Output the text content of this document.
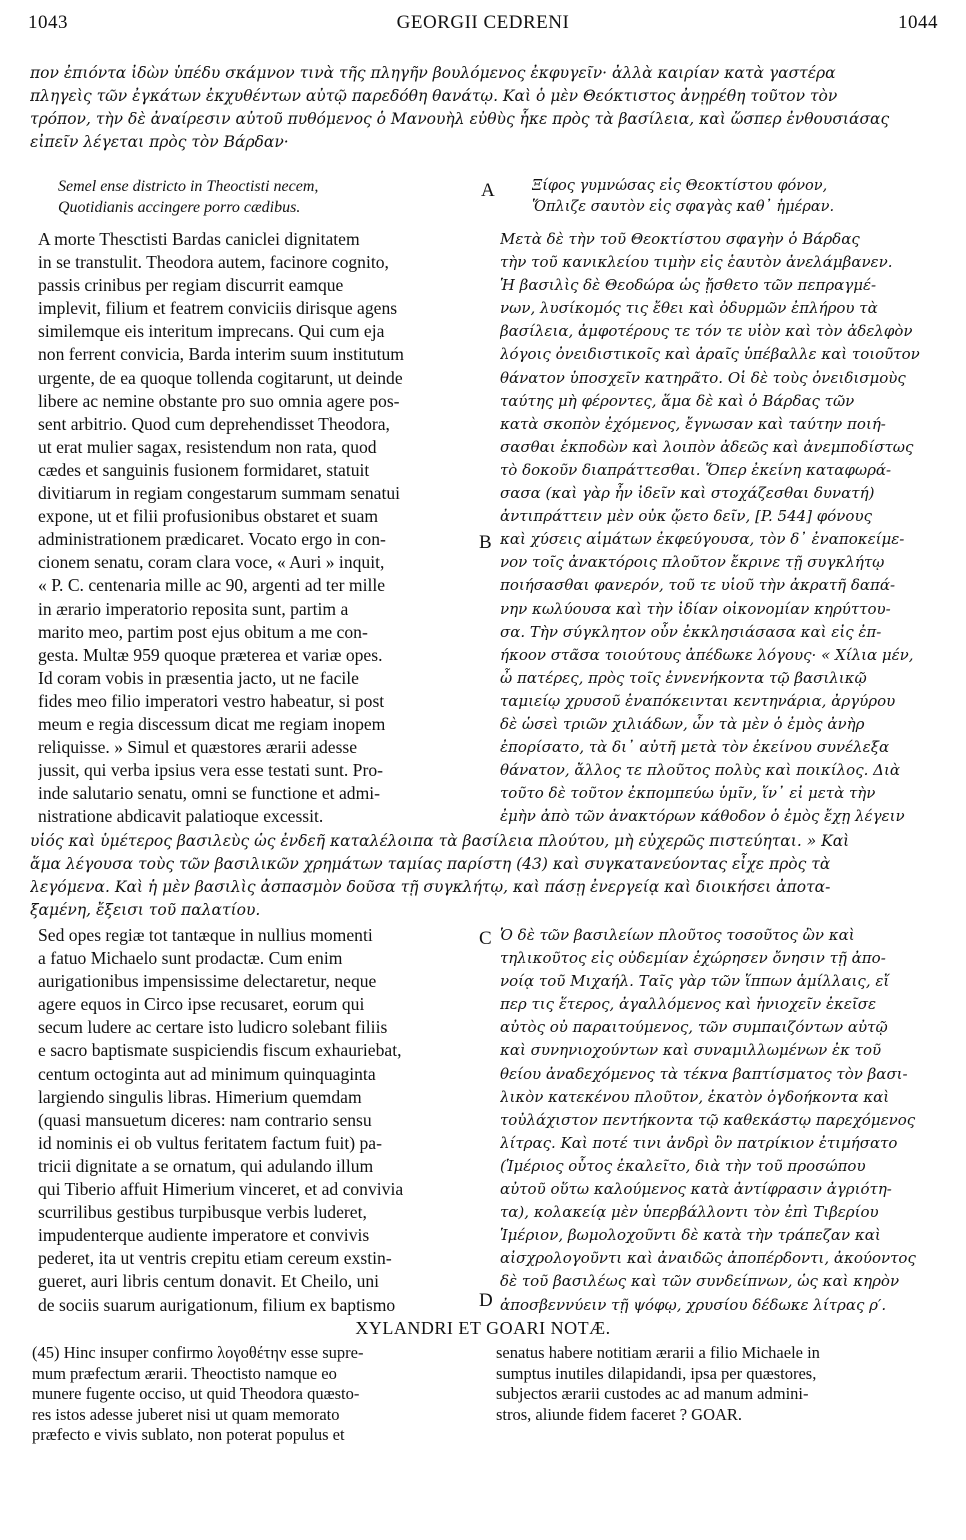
1043	GEORGII CEDRENI	1044
πον ἐπιόντα ἰδὼν ὑπέδυ σκάμνον τινὰ τῆς πληγῆν βουλόμενος ἐκφυγεῖν· ἀλλὰ καιρίαν κατὰ γαστέρα
πληγεὶς τῶν ἐγκάτων ἐκχυθέντων αὐτῷ παρεδόθη θανάτῳ. Καὶ ὁ μὲν Θεόκτιστος ἀνῃρέθη τοῦτον τὸν
τρόπον, τὴν δὲ ἀναίρεσιν αὐτοῦ πυθόμενος ὁ Μανουὴλ εὐθὺς ἧκε πρὸς τὰ βασίλεια, καὶ ὥσπερ ἐνθουσιάσας
εἰπεῖν λέγεται πρὸς τὸν Βάρδαν·
Semel ense districto in Theoctisti necem,
Quotidianis accingere porro cædibus.
A	Ξίφος γυμνώσας εἰς Θεοκτίστου φόνον,
Ὅπλιζε σαυτὸν εἰς σφαγὰς καθ᾽ ἡμέραν.
A morte Thesctisti Bardas caniclei dignitatem
in se transtulit. Theodora autem, facinore cognito,
passis crinibus per regiam discurrit eamque
implevit, filium et featrem conviciis dirisque agens
similemque eis interitum imprecans. Qui cum eja
non ferrent convicia, Barda interim suum institutum
urgente, de ea quoque tollenda cogitarunt, ut deinde
libere ac nemine obstante pro suo omnia agere pos-
sent arbitrio. Quod cum deprehendisset Theodora,
ut erat mulier sagax, resistendum non rata, quod
cædes et sanguinis fusionem formidaret, statuit
divitiarum in regiam congestarum summam senatui
expone, ut et filii profusionibus obstaret et suam
administrationem prædicaret. Vocato ergo in con-
cionem senatu, coram clara voce, « Auri » inquit,
« P. C. centenaria mille ac 90, argenti ad ter mille
in ærario imperatorio reposita sunt, partim a
marito meo, partim post ejus obitum a me con-
gesta. Multæ 959 quoque præterea et variæ opes.
Id coram vobis in præsentia jacto, ut ne facile
fides meo filio imperatori vestro habeatur, si post
meum e regia discessum dicat me regiam inopem
reliquisse. » Simul et quæstores ærarii adesse
jussit, qui verba ipsius vera esse testati sunt. Pro-
inde salutario senatu, omni se functione et admi-
nistratione abdicavit palatioque excessit.
B
Μετὰ δὲ τὴν τοῦ Θεοκτίστου σφαγὴν ὁ Βάρδας
τὴν τοῦ κανικλείου τιμὴν εἰς ἑαυτὸν ἀνελάμβανεν.
Ἡ βασιλὶς δὲ Θεοδώρα ὡς ᾔσθετο τῶν πεπραγμέ-
νων, λυσίκομός τις ἔθει καὶ ὀδυρμῶν ἐπλήρου τὰ
βασίλεια, ἀμφοτέρους τε τόν τε υἱὸν καὶ τὸν ἀδελφὸν
λόγοις ὀνειδιστικοῖς καὶ ἀραῖς ὑπέβαλλε καὶ τοιοῦτον
θάνατον ὑποσχεῖν κατηρᾶτο. Οἱ δὲ τοὺς ὀνειδισμοὺς
ταύτης μὴ φέροντες, ἅμα δὲ καὶ ὁ Βάρδας τῶν
κατὰ σκοπὸν ἐχόμενος, ἔγνωσαν καὶ ταύτην ποιή-
σασθαι ἐκποδὼν καὶ λοιπὸν ἀδεῶς καὶ ἀνεμποδίστως
τὸ δοκοῦν διαπράττεσθαι. Ὅπερ ἐκείνη καταφωρά-
σασα (καὶ γὰρ ἦν ἰδεῖν καὶ στοχάζεσθαι δυνατή)
ἀντιπράττειν μὲν οὐκ ᾤετο δεῖν, [P. 544] φόνους
καὶ χύσεις αἱμάτων ἐκφεύγουσα, τὸν δ᾽ ἐναποκείμε-
νον τοῖς ἀνακτόροις πλοῦτον ἔκρινε τῇ συγκλήτῳ
ποιήσασθαι φανερόν, τοῦ τε υἱοῦ τὴν ἀκρατῆ δαπά-
νην κωλύουσα καὶ τὴν ἰδίαν οἰκονομίαν κηρύττου-
σα. Τὴν σύγκλητον οὖν ἐκκλησιάσασα καὶ εἰς ἐπ-
ήκοον στᾶσα τοιούτους ἀπέδωκε λόγους· « Χίλια μέν,
ὦ πατέρες, πρὸς τοῖς ἐννενήκοντα τῷ βασιλικῷ
ταμιείῳ χρυσοῦ ἐναπόκεινται κεντηνάρια, ἀργύρου
δὲ ὡσεὶ τριῶν χιλιάδων, ὧν τὰ μὲν ὁ ἐμὸς ἀνὴρ
ἐπορίσατο, τὰ δι᾽ αὐτῆ μετὰ τὸν ἐκείνου συνέλεξα
θάνατον, ἄλλος τε πλοῦτος πολὺς καὶ ποικίλος. Διὰ
τοῦτο δὲ τοῦτον ἐκπομπεύω ὑμῖν, ἵν᾽ εἰ μετὰ τὴν
ἐμὴν ἀπὸ τῶν ἀνακτόρων κάθοδον ὁ ἐμὸς ἔχῃ λέγειν
υἱός καὶ ὑμέτερος βασιλεὺς ὡς ἐνδεῆ καταλέλοιπα τὰ βασίλεια πλούτου, μὴ εὐχερῶς πιστεύηται. » Καὶ
ἅμα λέγουσα τοὺς τῶν βασιλικῶν χρημάτων ταμίας παρίστη (43) καὶ συγκατανεύοντας εἶχε πρὸς τὰ
λεγόμενα. Καὶ ἡ μὲν βασιλὶς ἀσπασμὸν δοῦσα τῇ συγκλήτῳ, καὶ πάσῃ ἐνεργείᾳ καὶ διοικήσει ἀποτα-
ξαμένη, ἔξεισι τοῦ παλατίου.
C
Sed opes regiæ tot tantæque in nullius momenti
a fatuo Michaelo sunt prodactæ. Cum enim
aurigationibus impensissime delectaretur, neque
agere equos in Circo ipse recusaret, eorum qui
secum ludere ac certare isto ludicro solebant filiis
e sacro baptismate suspiciendis fiscum exhauriebat,
centum octoginta aut ad minimum quinquaginta
largiendo singulis libras. Himerium quemdam
(quasi mansuetum diceres: nam contrario sensu
id nominis ei ob vultus feritatem factum fuit) pa-
tricii dignitate a se ornatum, qui adulando illum
qui Tiberio affuit Himerium vinceret, et ad convivia
scurrilibus gestibus turpibusque verbis luderet,
impudenterque audiente imperatore et convivis
pederet, ita ut ventris crepitu etiam cereum exstin-
gueret, auri libris centum donavit. Et Cheilo, uni
de sociis suarum aurigationum, filium ex baptismo
Ὁ δὲ τῶν βασιλείων πλοῦτος τοσοῦτος ὢν καὶ
τηλικοῦτος εἰς οὐδεμίαν ἐχώρησεν ὄνησιν τῇ ἀπο-
νοίᾳ τοῦ Μιχαήλ. Ταῖς γὰρ τῶν ἵππων ἁμίλλαις, εἴ
περ τις ἕτερος, ἀγαλλόμενος καὶ ἡνιοχεῖν ἐκεῖσε
αὐτὸς οὐ παραιτούμενος, τῶν συμπαιζόντων αὐτῷ
καὶ συνηνιοχούντων καὶ συναμιλλωμένων ἐκ τοῦ
θείου ἀναδεχόμενος τὰ τέκνα βαπτίσματος τὸν βασι-
λικὸν κατεκένου πλοῦτον, ἑκατὸν ὀγδοήκοντα καὶ
τοὐλάχιστον πεντήκοντα τῷ καθεκάστῳ παρεχόμενος
λίτρας. Καὶ ποτέ τινι ἀνδρὶ ὃν πατρίκιον ἐτιμήσατο
(Ἱμέριος οὗτος ἐκαλεῖτο, διὰ τὴν τοῦ προσώπου
αὐτοῦ οὕτω καλούμενος κατὰ ἀντίφρασιν ἀγριότη-
τα), κολακείᾳ μὲν ὑπερβάλλοντι τὸν ἐπὶ Τιβερίου
Ἱμέριον, βωμολοχοῦντι δὲ κατὰ τὴν τράπεζαν καὶ
αἰσχρολογοῦντι καὶ ἀναιδῶς ἀποπέρδοντι, ἀκούοντος
δὲ τοῦ βασιλέως καὶ τῶν συνδείπνων, ὡς καὶ κηρὸν
ἀποσβεννύειν τῇ ψόφῳ, χρυσίου δέδωκε λίτρας ρ′.
D
XYLANDRI ET GOARI NOTÆ.
(45) Hinc insuper confirmo λογοθέτην esse supre-
mum præfectum ærarii. Theoctisto namque eo
munere fugente occiso, ut quid Theodora quæsto-
res istos adesse juberet nisi ut quam memorato
præfecto e vivis sublato, non poterat populus et
senatus habere notitiam ærarii a filio Michaele in
sumptus inutiles dilapidandi, ipsa per quæstores,
subjectos ærarii custodes ac ad manum admini-
stros, aliunde fidem faceret ? GOAR.
